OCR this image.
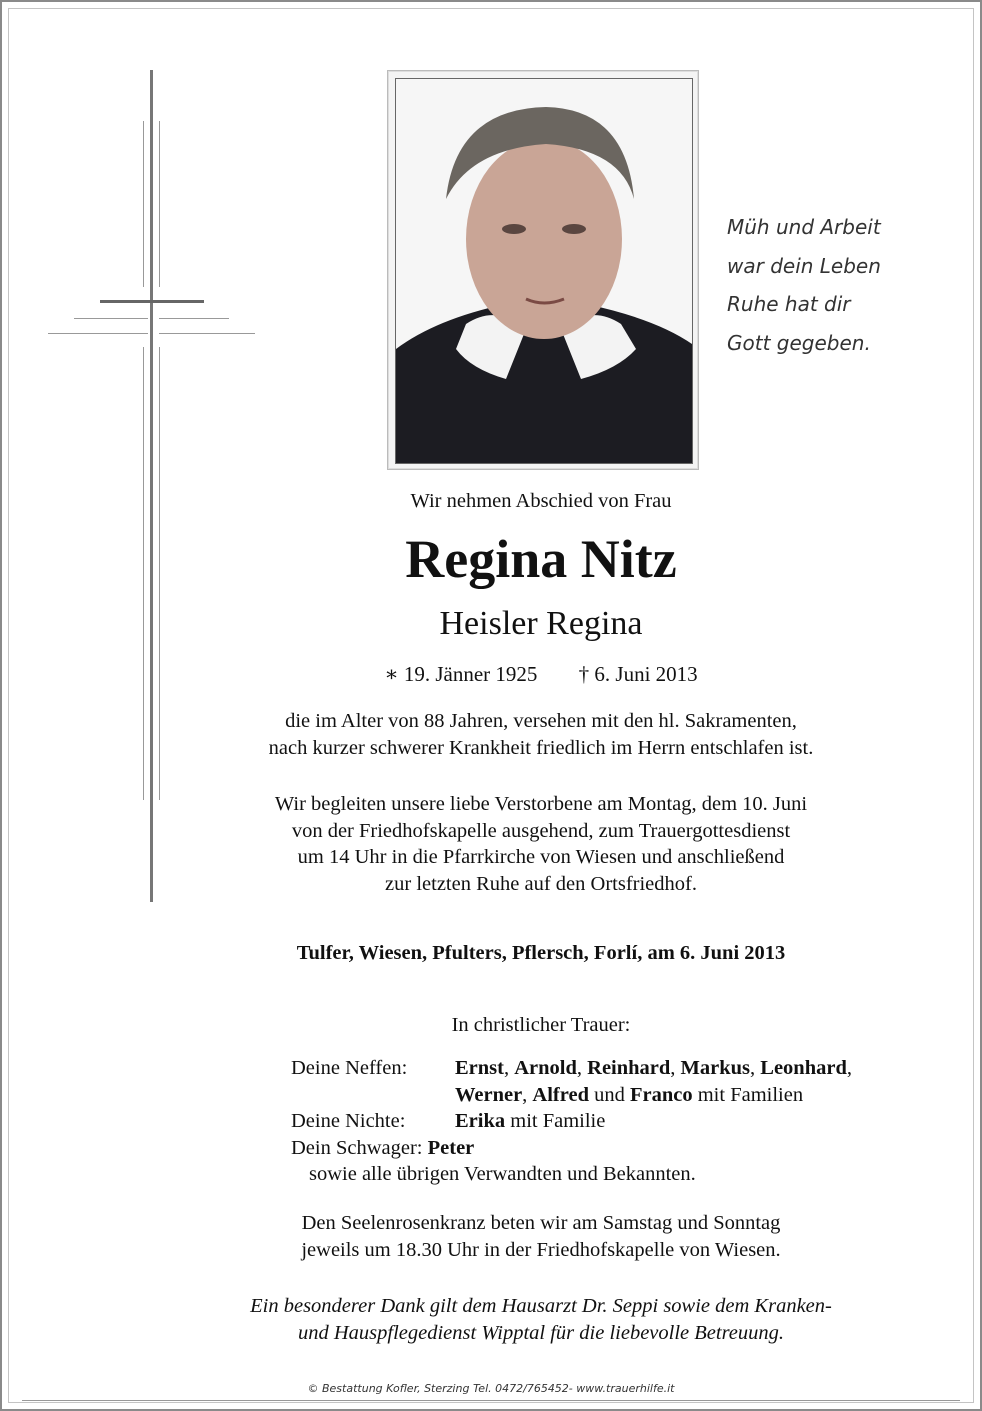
Müh und Arbeit
war dein Leben
Ruhe hat dir
Gott gegeben.
Wir nehmen Abschied von Frau
Regina Nitz
Heisler Regina
∗ 19. Jänner 1925 † 6. Juni 2013
die im Alter von 88 Jahren, versehen mit den hl. Sakramenten,
nach kurzer schwerer Krankheit friedlich im Herrn entschlafen ist.
Wir begleiten unsere liebe Verstorbene am Montag, dem 10. Juni
von der Friedhofskapelle ausgehend, zum Trauergottesdienst
um 14 Uhr in die Pfarrkirche von Wiesen und anschließend
zur letzten Ruhe auf den Ortsfriedhof.
Tulfer, Wiesen, Pfulters, Pflersch, Forlí, am 6. Juni 2013
In christlicher Trauer:
Deine Neffen:	Ernst, Arnold, Reinhard, Markus, Leonhard,
Werner, Alfred und Franco mit Familien
Deine Nichte:	Erika mit Familie
Dein Schwager:
Peter
sowie alle übrigen Verwandten und Bekannten.
Den Seelenrosenkranz beten wir am Samstag und Sonntag
jeweils um 18.30 Uhr in der Friedhofskapelle von Wiesen.
Ein besonderer Dank gilt dem Hausarzt Dr. Seppi sowie dem Kranken-
und Hauspflegedienst Wipptal für die liebevolle Betreuung.
© Bestattung Kofler, Sterzing Tel. 0472/765452- www.trauerhilfe.it
